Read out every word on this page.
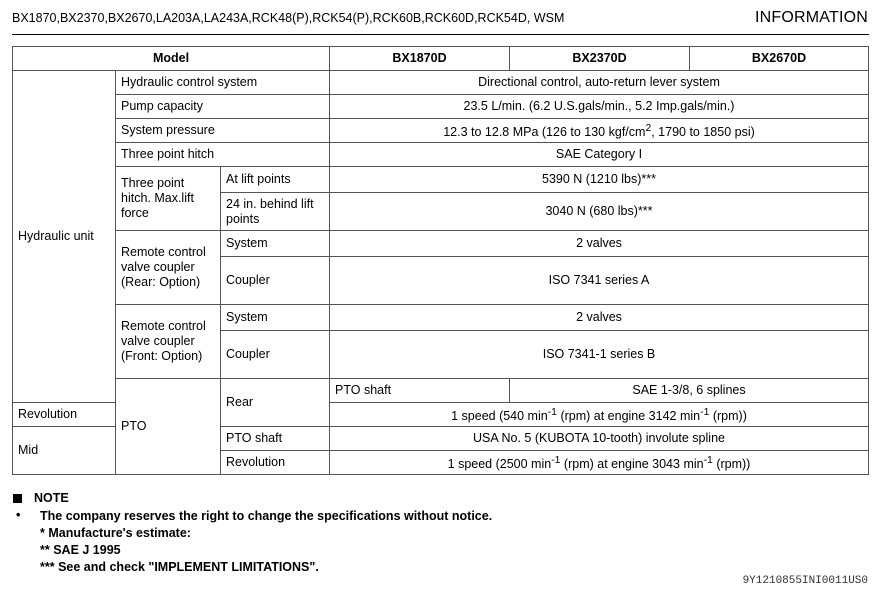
BX1870,BX2370,BX2670,LA203A,LA243A,RCK48(P),RCK54(P),RCK60B,RCK60D,RCK54D, WSM	INFORMATION
Model			BX1870D	BX2370D	BX2670D
Hydraulic unit	Hydraulic control system		Directional control, auto-return lever system		
	Pump capacity		23.5 L/min. (6.2 U.S.gals/min., 5.2 Imp.gals/min.)		
	System pressure		12.3 to 12.8 MPa (126 to 130 kgf/$cm^2$, 1790 to 1850 psi)		
	Three point hitch		SAE Category I		
	Three point hitch. Max.lift force	At lift points	5390 N (1210 lbs)***		
		24 in. behind lift points	3040 N (680 lbs)***		
	Remote control valve coupler (Rear: Option)	System	2 valves		
		Coupler	ISO 7341 series A		
	Remote control valve coupler (Front: Option)	System	2 valves		
		Coupler	ISO 7341-1 series B		
	PTO	Rear	PTO shaft	SAE 1-3/8, 6 splines	
Revolution			1 speed (540 $\min^{-1} (rpm)$ at engine 3142 $\min^{-1} (rpm)$)		
Mid		PTO shaft	USA No. 5 (KUBOTA 10-tooth) involute spline		
		Revolution	1 speed (2500 $\min^{-1} (rpm)$ at engine 3043 $\min^{-1} (rpm)$)		
NOTE
•	The company reserves the right to change the specifications without notice.
* Manufacture's estimate:
** SAE J 1995
*** See and check "IMPLEMENT LIMITATIONS".
9Y1210855INI0011US0
